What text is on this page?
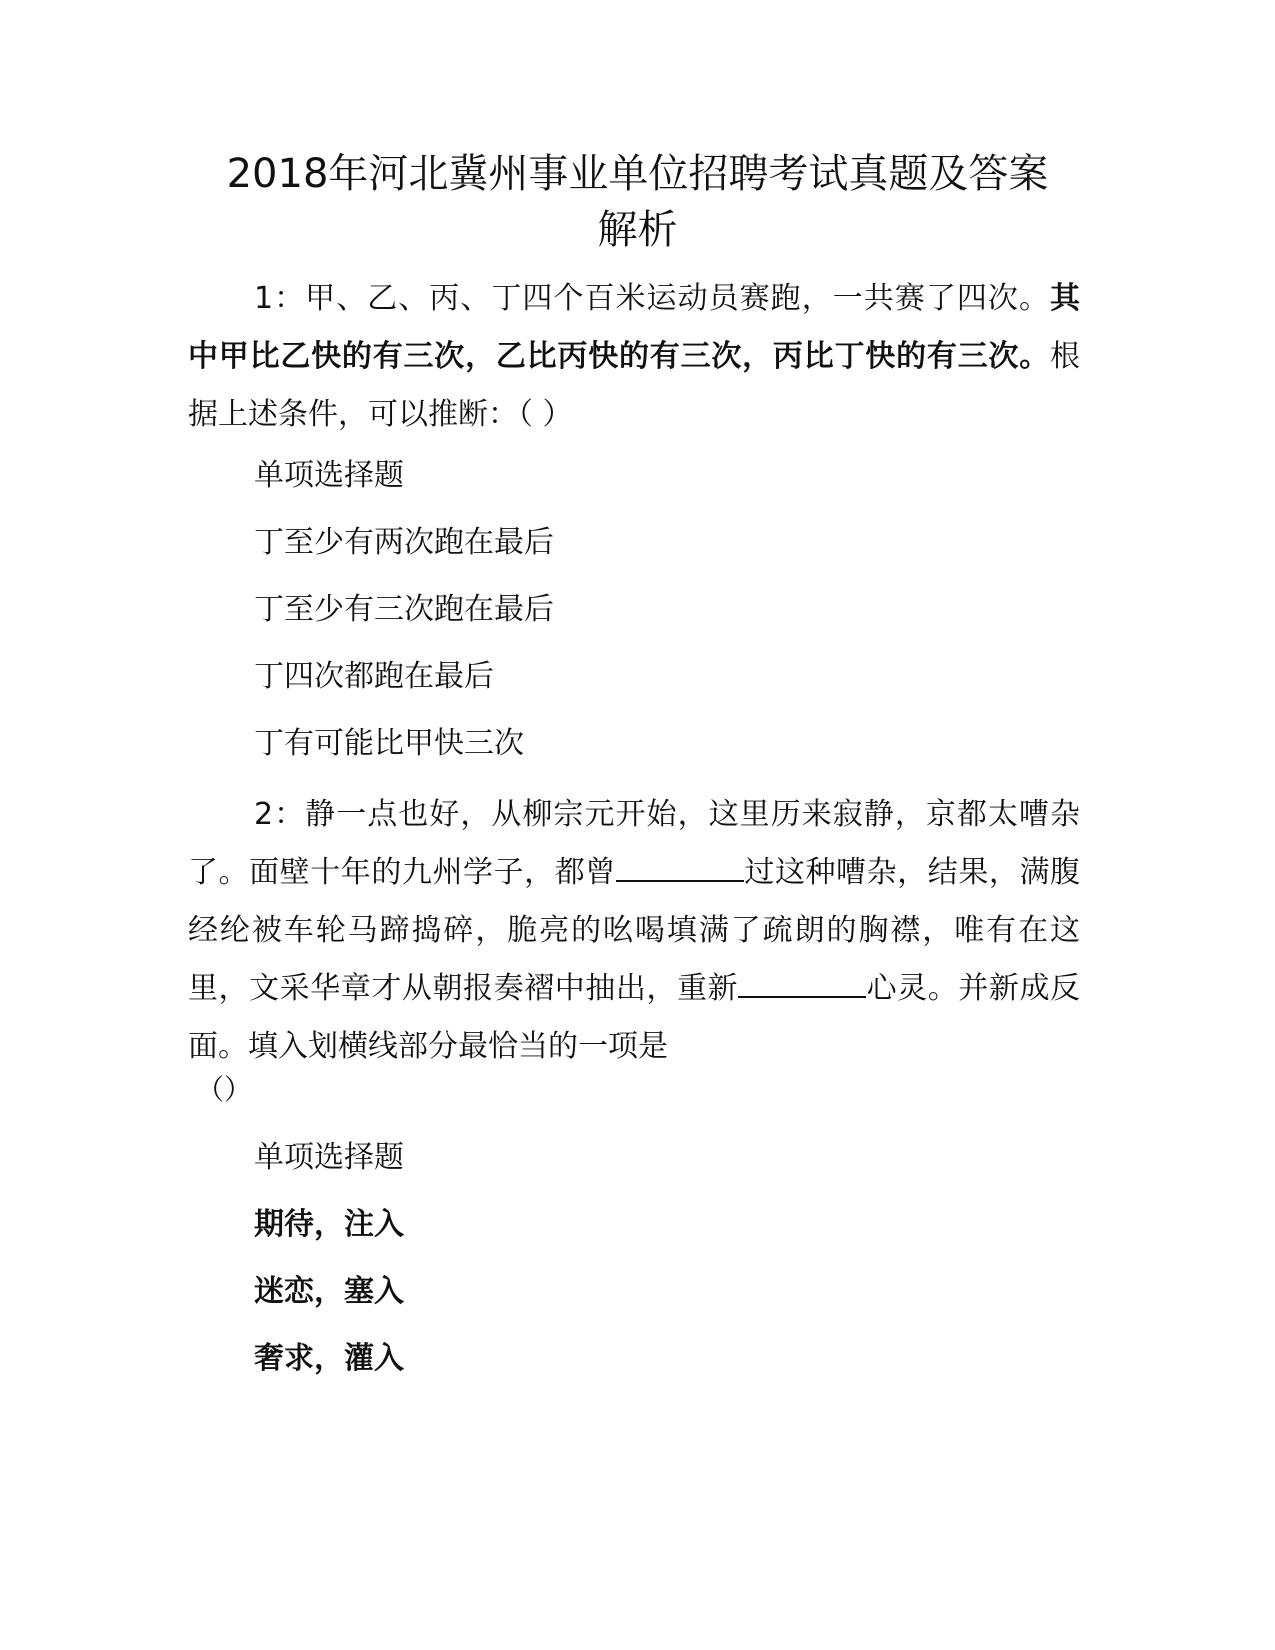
2018年河北冀州事业单位招聘考试真题及答案
解析

1：甲、乙、丙、丁四个百米运动员赛跑，一共赛了四次。其中甲比乙快的有三次，乙比丙快的有三次，丙比丁快的有三次。根据上述条件，可以推断：（ ）

单项选择题

丁至少有两次跑在最后

丁至少有三次跑在最后

丁四次都跑在最后

丁有可能比甲快三次

2：静一点也好，从柳宗元开始，这里历来寂静，京都太嘈杂了。面壁十年的九州学子，都曾	过这种嘈杂，结果，满腹经纶被车轮马蹄捣碎，脆亮的吆喝填满了疏朗的胸襟，唯有在这里，文采华章才从朝报奏褶中抽出，重新	心灵。并新成反面。填入划横线部分最恰当的一项是

（）

单项选择题

期待，注入

迷恋，塞入

奢求，灌入
